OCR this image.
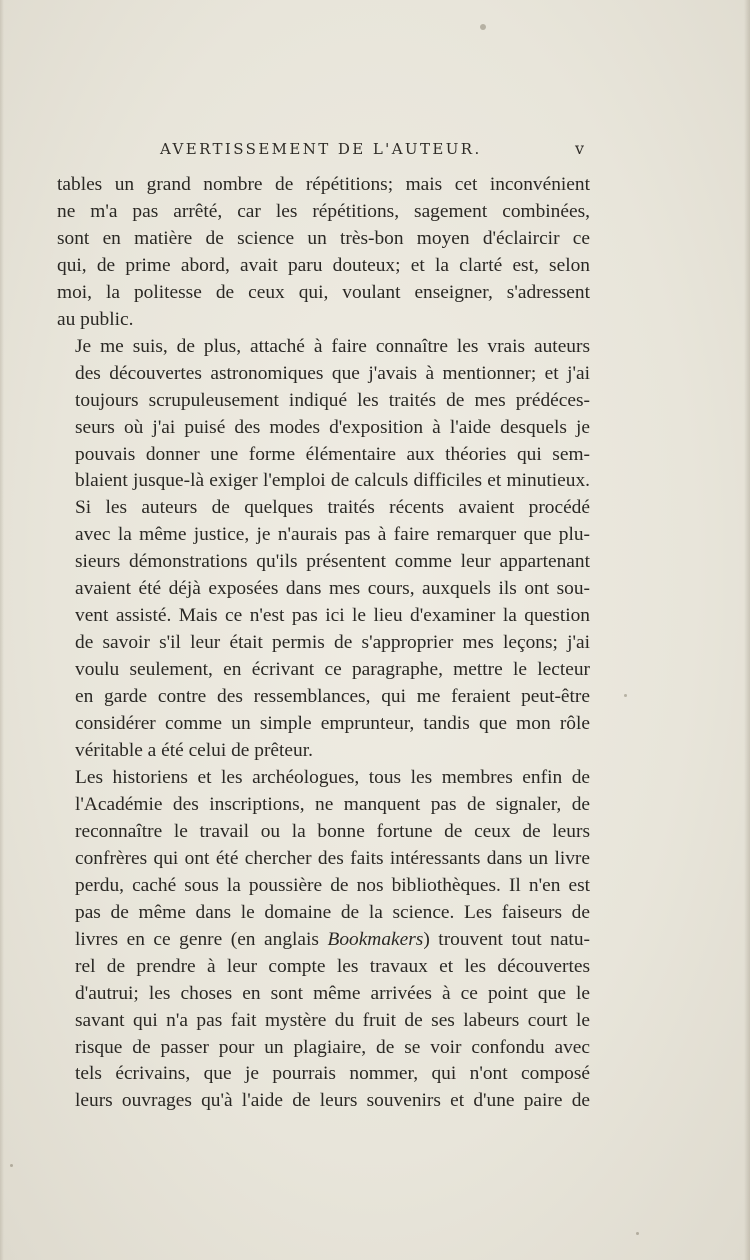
AVERTISSEMENT DE L'AUTEUR.	v

tables un grand nombre de répétitions; mais cet inconvénient
ne m'a pas arrêté, car les répétitions, sagement combinées,
sont en matière de science un très-bon moyen d'éclaircir ce
qui, de prime abord, avait paru douteux; et la clarté est, selon
moi, la politesse de ceux qui, voulant enseigner, s'adressent
au public.

Je me suis, de plus, attaché à faire connaître les vrais auteurs
des découvertes astronomiques que j'avais à mentionner; et j'ai
toujours scrupuleusement indiqué les traités de mes prédéces-
seurs où j'ai puisé des modes d'exposition à l'aide desquels je
pouvais donner une forme élémentaire aux théories qui sem-
blaient jusque-là exiger l'emploi de calculs difficiles et minutieux.

Si les auteurs de quelques traités récents avaient procédé
avec la même justice, je n'aurais pas à faire remarquer que plu-
sieurs démonstrations qu'ils présentent comme leur appartenant
avaient été déjà exposées dans mes cours, auxquels ils ont sou-
vent assisté. Mais ce n'est pas ici le lieu d'examiner la question
de savoir s'il leur était permis de s'approprier mes leçons; j'ai
voulu seulement, en écrivant ce paragraphe, mettre le lecteur
en garde contre des ressemblances, qui me feraient peut-être
considérer comme un simple emprunteur, tandis que mon rôle
véritable a été celui de prêteur.

Les historiens et les archéologues, tous les membres enfin de
l'Académie des inscriptions, ne manquent pas de signaler, de
reconnaître le travail ou la bonne fortune de ceux de leurs
confrères qui ont été chercher des faits intéressants dans un livre
perdu, caché sous la poussière de nos bibliothèques. Il n'en est
pas de même dans le domaine de la science. Les faiseurs de
livres en ce genre (en anglais Bookmakers) trouvent tout natu-
rel de prendre à leur compte les travaux et les découvertes
d'autrui; les choses en sont même arrivées à ce point que le
savant qui n'a pas fait mystère du fruit de ses labeurs court le
risque de passer pour un plagiaire, de se voir confondu avec
tels écrivains, que je pourrais nommer, qui n'ont composé
leurs ouvrages qu'à l'aide de leurs souvenirs et d'une paire de
